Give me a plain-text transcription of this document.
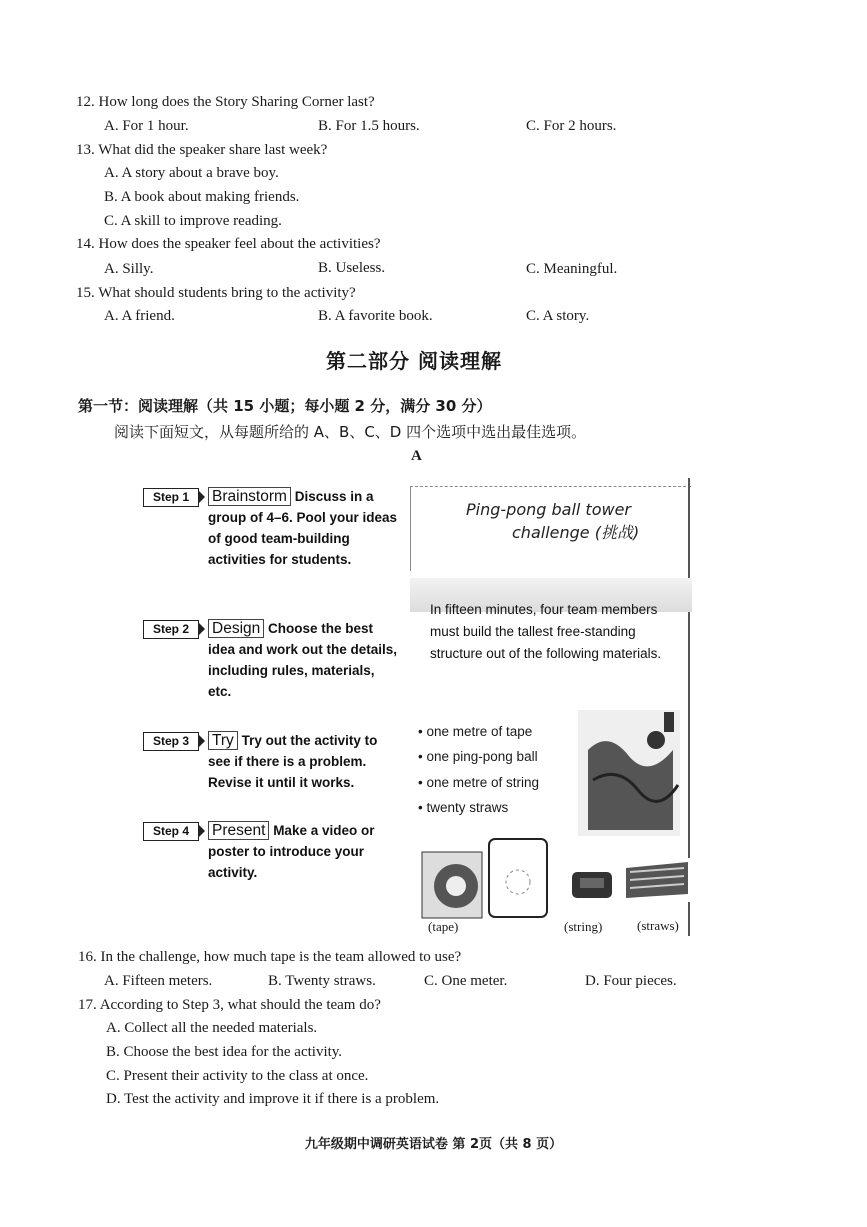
12. How long does the Story Sharing Corner last?
A. For 1 hour.	B. For 1.5 hours.	C. For 2 hours.
13. What did the speaker share last week?
A. A story about a brave boy.
B. A book about making friends.
C. A skill to improve reading.
14. How does the speaker feel about the activities?
A. Silly.	B. Useless.	C. Meaningful.
15. What should students bring to the activity?
A. A friend.	B. A favorite book.	C. A story.
第二部分 阅读理解
第一节：阅读理解（共 15 小题；每小题 2 分，满分 30 分）
阅读下面短文，从每题所给的 A、B、C、D 四个选项中选出最佳选项。
A
Step 1	Brainstorm Discuss in a group of 4–6. Pool your ideas of good team-building activities for students.
Step 2	Design Choose the best idea and work out the details, including rules, materials, etc.
Step 3	Try Try out the activity to see if there is a problem. Revise it until it works.
Step 4	Present Make a video or poster to introduce your activity.
Ping-pong ball tower
challenge (挑战)
In fifteen minutes, four team members must build the tallest free-standing structure out of the following materials.
• one metre of tape
• one ping-pong ball
• one metre of string
• twenty straws
(tape)	(string)	(straws)
16. In the challenge, how much tape is the team allowed to use?
A. Fifteen meters.	B. Twenty straws.	C. One meter.	D. Four pieces.
17. According to Step 3, what should the team do?
A. Collect all the needed materials.
B. Choose the best idea for the activity.
C. Present their activity to the class at once.
D. Test the activity and improve it if there is a problem.
九年级期中调研英语试卷 第 2页（共 8 页）
